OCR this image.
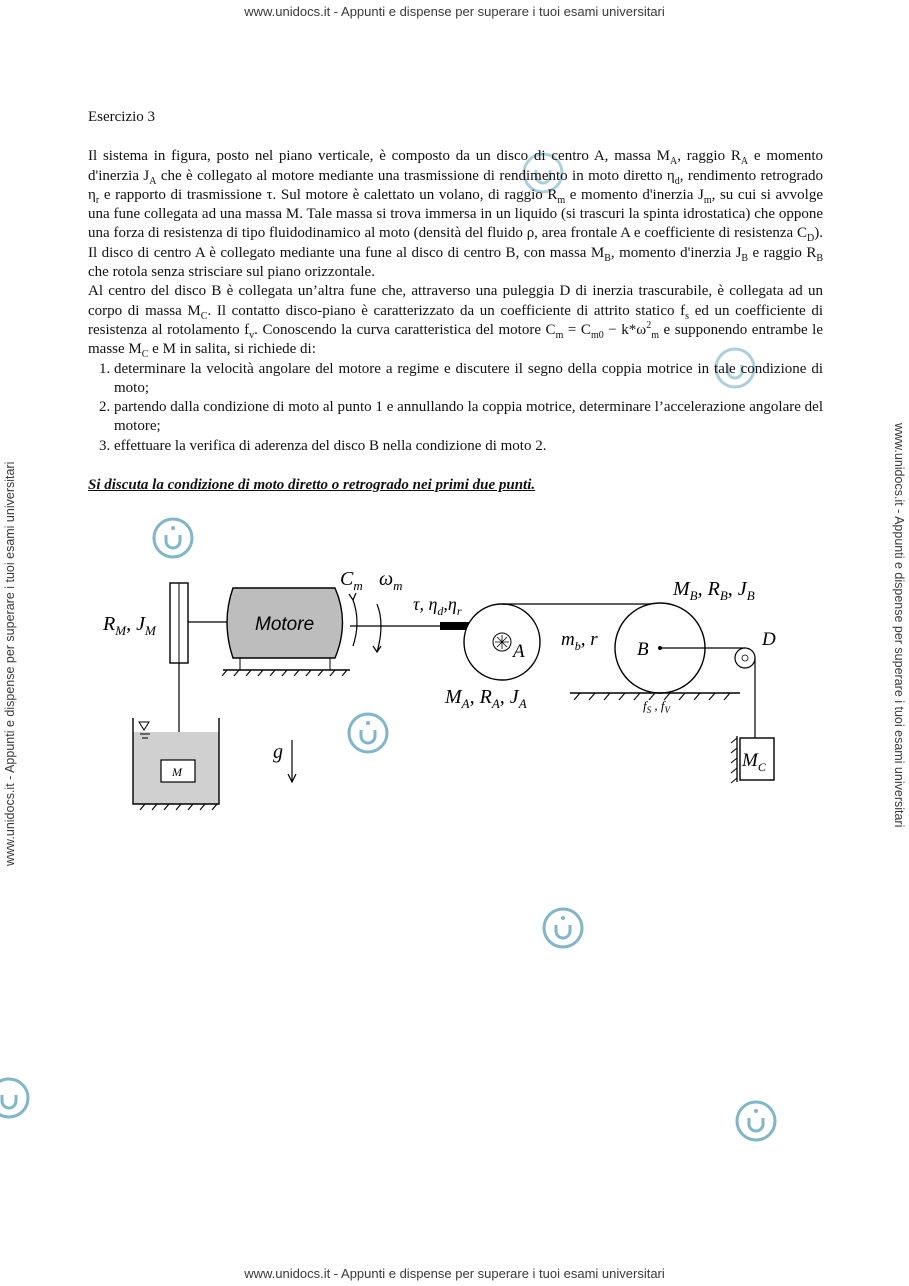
www.unidocs.it - Appunti e dispense per superare i tuoi esami universitari
www.unidocs.it - Appunti e dispense per superare i tuoi esami universitari
www.unidocs.it - Appunti e dispense per superare i tuoi esami universitari	www.unidocs.it - Appunti e dispense per superare i tuoi esami universitari
Esercizio 3

Il sistema in figura, posto nel piano verticale, è composto da un disco di centro A, massa $M_A$, raggio $R_A$ e momento d'inerzia $J_A$ che è collegato al motore mediante una trasmissione di rendimento in moto diretto $\eta_d$, rendimento retrogrado $\eta_r$ e rapporto di trasmissione τ. Sul motore è calettato un volano, di raggio $R_m$ e momento d'inerzia $J_m$, su cui si avvolge una fune collegata ad una massa M. Tale massa si trova immersa in un liquido (si trascuri la spinta idrostatica) che oppone una forza di resistenza di tipo fluidodinamico al moto (densità del fluido ρ, area frontale A e coefficiente di resistenza $C_D$). Il disco di centro A è collegato mediante una fune al disco di centro B, con massa $M_B$, momento d'inerzia $J_B$ e raggio $R_B$ che rotola senza strisciare sul piano orizzontale.

Al centro del disco B è collegata un’altra fune che, attraverso una puleggia D di inerzia trascurabile, è collegata ad un corpo di massa $M_C$. Il contatto disco-piano è caratterizzato da un coefficiente di attrito statico $f_s$ ed un coefficiente di resistenza al rotolamento $f_v$. Conoscendo la curva caratteristica del motore $C_m = C_{m0} - k*\omega^2_m$ e supponendo entrambe le masse $M_C$ e M in salita, si richiede di:

1. determinare la velocità angolare del motore a regime e discutere il segno della coppia motrice in tale condizione di moto;
2. partendo dalla condizione di moto al punto 1 e annullando la coppia motrice, determinare l’accelerazione angolare del motore;
3. effettuare la verifica di aderenza del disco B nella condizione di moto 2.
Si discuta la condizione di moto diretto o retrogrado nei primi due punti.
$R_M$, $J_M$	Motore
$C_m$ $\omega_m$
τ, $\eta_d,\eta_r$
A
$M_A$, $R_A$, $J_A$
$m_b$, r B
$M_B$, $R_B$, $J_B$
$f_S$ , $f_V$
D
$M_C$
M
g
